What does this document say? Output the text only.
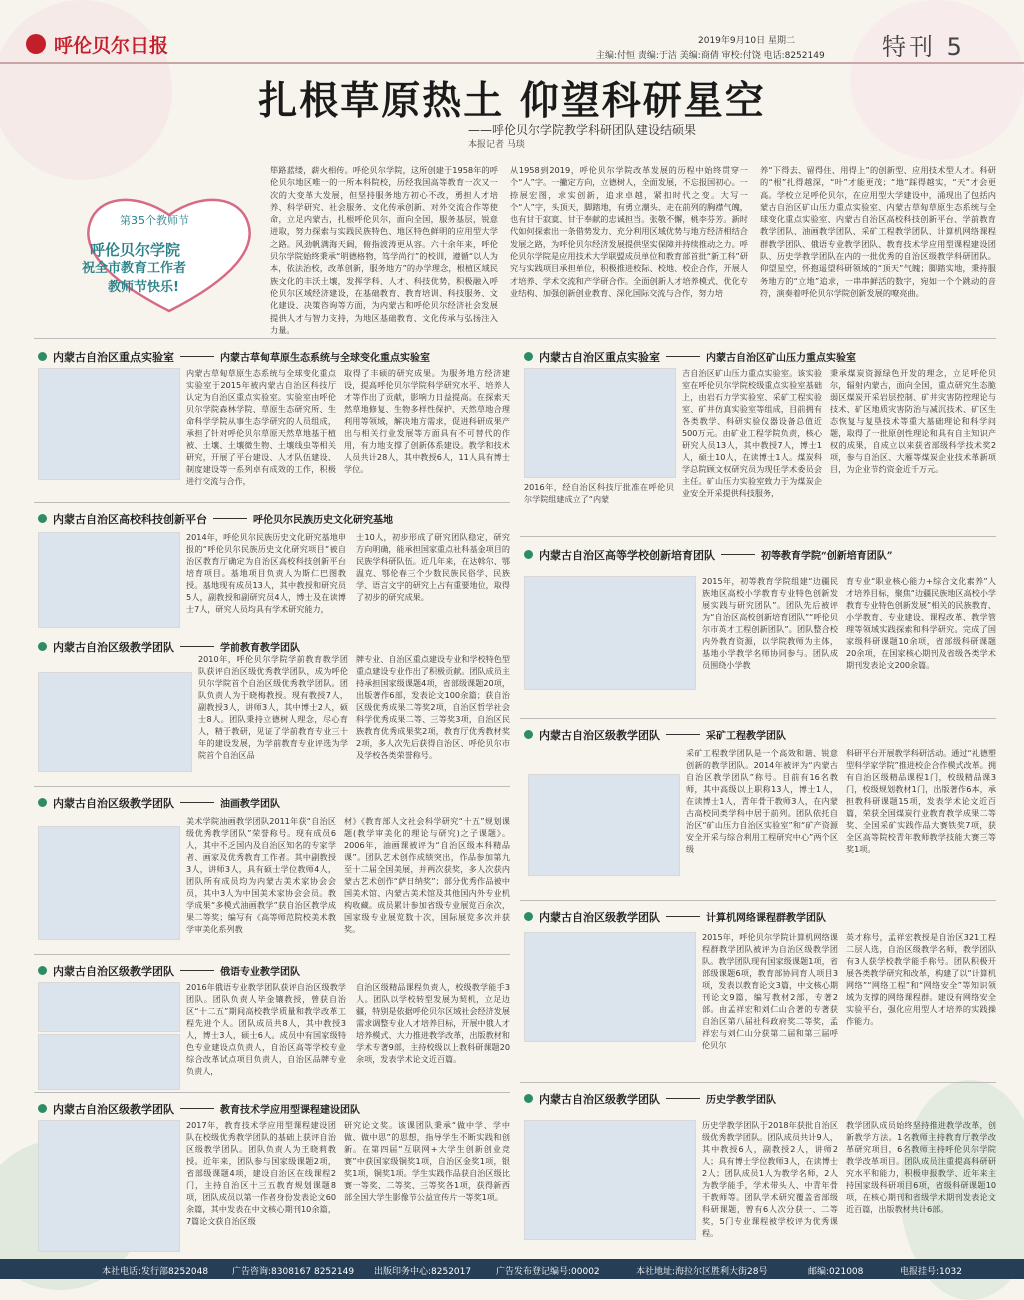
呼伦贝尔日报	2019年9月10日 星期二
主编:付恒 责编:于洁 美编:商倩 审校:付饶 电话:8252149 特刊 5
扎根草原热土 仰望科研星空
——呼伦贝尔学院教学科研团队建设结硕果
本报记者 马琰
第35个教师节
呼伦贝尔学院
祝全市教育工作者
教师节快乐!
筚路蓝缕，薪火相传。呼伦贝尔学院，这所创建于1958年的呼伦贝尔地区唯一的一所本科院校，历经我国高等教育一次又一次的大变革大发展，但坚持服务地方初心不改，勇担人才培养、科学研究、社会服务、文化传承创新、对外交流合作等使命，立足内蒙古，扎根呼伦贝尔，面向全国，服务基层，锐意进取，努力探索与实践民族特色、地区特色鲜明的应用型大学之路。风劲帆满海天阔，俯指波涛更从容。六十余年来，呼伦贝尔学院始终秉承“明德格物，笃学尚行”的校训，遵循“以人为本，依法治校，改革创新，服务地方”的办学理念，根植区域民族文化的丰沃土壤，发挥学科、人才、科技优势，积极融入呼伦贝尔区域经济建设，在基础教育、教育培训、科技服务、文化建设、决策咨询等方面，为内蒙古和呼伦贝尔经济社会发展提供人才与智力支持，为地区基础教育、文化传承与弘扬注入力量。
从1958到2019，呼伦贝尔学院改革发展的历程中始终贯穿一个“人”字。一撇定方向，立德树人，全面发展，不忘报国初心。一捺展宏图，求实创新，追求卓越，紧扣时代之变。大写一个“人”字，头顶天，脚踏地，有勇立潮头、走在前列的胸襟气魄，也有甘于寂寞、甘于奉献的忠诚担当。张敬不懈，桃李芬芳。新时代如何探索出一条借势发力、充分利用区域优势与地方经济相结合发展之路，为呼伦贝尔经济发展提供坚实保障并持续推动之力。呼伦贝尔学院是应用技术大学联盟成员单位和教育部首批“新工科”研究与实践项目承担单位，积极推进校际、校地、校企合作，开展人才培养、学术交流和产学研合作。全面创新人才培养模式、优化专业结构、加强创新创业教育、深化国际交流与合作，努力培
养“下得去、留得住、用得上”的创新型、应用技术型人才。科研的“根”扎得越深，“叶”才能更茂；“地”踩得越实，“天”才会更高。学校立足呼伦贝尔，在应用型大学建设中，涌现出了包括内蒙古自治区矿山压力重点实验室、内蒙古草甸草原生态系统与全球变化重点实验室、内蒙古自治区高校科技创新平台、学前教育教学团队、油画教学团队、采矿工程教学团队、计算机网络课程群教学团队、俄语专业教学团队、教育技术学应用型课程建设团队、历史学教学团队在内的一批优秀的自治区级教学科研团队。仰望星空，怀抱遥望科研领域的“顶天”气魄；脚踏实地，秉持服务地方的“立地”追求，一串串鲜活的数字，宛如一个个跳动的音符，演奏着呼伦贝尔学院创新发展的嘹亮曲。
内蒙古自治区重点实验室	内蒙古草甸草原生态系统与全球变化重点实验室
内蒙古草甸草原生态系统与全球变化重点实验室于2015年被内蒙古自治区科技厅认定为自治区重点实验室。实验室由呼伦贝尔学院森林学院、草原生态研究所、生命科学学院从事生态学研究的人员组成，承担了针对呼伦贝尔草原天然草地基于植被、土壤、土壤微生物、土壤线虫等相关研究，开展了平台建设、人才队伍建设、制度建设等一系列卓有成效的工作，积极进行交流与合作，
取得了丰硕的研究成果。为服务地方经济建设，提高呼伦贝尔学院科学研究水平、培养人才等作出了贡献，影响力日益提高。在探索天然草地修复、生物多样性保护、天然草地合理利用等领域，解决地方需求，促进科研成果产出与相关行业发展等方面具有不可替代的作用，有力地支撑了创新体系建设。教学和技术人员共计28人，其中教授6人，11人具有博士学位。
内蒙古自治区重点实验室	内蒙古自治区矿山压力重点实验室
2016年，经自治区科技厅批准在呼伦贝尔学院组建成立了“内蒙
吉自治区矿山压力重点实验室。该实验室在呼伦贝尔学院校级重点实验室基础上，由岩石力学实验室、采矿工程实验室、矿井仿真实验室等组成，目前拥有各类教学、科研实验仪器设备总值近500万元。由矿业工程学院负责，核心研究人员13人，其中教授7人，博士1人，硕士10人，在读博士1人。煤炭科学总院顾文权研究员为现任学术委员会主任。矿山压力实验室致力于为煤炭企业安全开采提供科技服务，
秉承煤炭资源绿色开发的理念，立足呼伦贝尔，辐射内蒙古，面向全国，重点研究生态脆弱区煤炭开采岩层控制、矿井灾害防控理论与技术、矿区地质灾害防治与减沉技术、矿区生态恢复与复垦技术等重大基础理论和科学问题，取得了一批原创性理论和具有自主知识产权的成果，自成立以来获省部级科学技术奖2项，参与自治区、大雁等煤炭企业技术革新项目，为企业节约资金近千万元。
内蒙古自治区高校科技创新平台	呼伦贝尔民族历史文化研究基地
2014年，呼伦贝尔民族历史文化研究基地申报的“呼伦贝尔民族历史文化研究项目”被自治区教育厅确定为自治区高校科技创新平台培育项目。基地项目负责人为斯仁巴图教授。基地现有成员13人，其中教授和研究员5人，副教授和副研究员4人，博士及在读博士7人，研究人员均具有学术研究能力，
士10人，初步形成了研究团队稳定，研究方向明确，能承担国家重点社科基金项目的民族学科研队伍。近几年来，在达斡尔、鄂温克、鄂伦春三个少数民族民俗学、民族学、语言文字的研究上占有重要地位，取得了初步的研究成果。
内蒙古自治区高等学校创新培育团队	初等教育学院“创新培育团队”
2015年，初等教育学院组建“边疆民族地区高校小学教育专业特色创新发展实践与研究团队”。团队先后被评为“自治区高校创新培育团队”“呼伦贝尔市英才工程创新团队”。团队整合校内外教育资源，以学院教师为主体，基地小学教学名师协同参与。团队成员围绕小学教
育专业“职业核心能力+综合文化素养”人才培养目标，聚焦“边疆民族地区高校小学教育专业特色创新发展”相关的民族教育、小学教育、专业建设、课程改革、教学管理等领域实践探索和科学研究。完成了国家级科研课题10余项，省部级科研课题20余项，在国家核心期刊及省级各类学术期刊发表论文200余篇。
内蒙古自治区级教学团队	学前教育教学团队
2010年，呼伦贝尔学院学前教育教学团队获评自治区级优秀教学团队，成为呼伦贝尔学院首个自治区级优秀教学团队。团队负责人为于晓梅教授。现有教授7人，副教授3人，讲师3人，其中博士2人，硕士8人。团队秉持立德树人理念，尽心育人，精于教研，见证了学前教育专业三十年的建设发展，为学前教育专业评选为学院首个自治区品
牌专业、自治区重点建设专业和学校特色型重点建设专业作出了积极贡献。团队成员主持承担国家级课题4项，省部级课题20项，出版著作6部，发表论文100余篇；获自治区级优秀成果二等奖2项，自治区哲学社会科学优秀成果二等、三等奖3项，自治区民族教育优秀成果奖2项，教育厅优秀教材奖2项，多人次先后获得自治区、呼伦贝尔市及学校各类荣誉称号。
内蒙古自治区级教学团队	采矿工程教学团队
采矿工程教学团队是一个高效和谐、锐意创新的教学团队。2014年被评为“内蒙古自治区教学团队”称号。目前有16名教师，其中高级以上职称13人，博士1人，在读博士1人，青年骨干教师3人，在内蒙古高校同类学科中居于前列。团队依托自治区“矿山压力自治区实验室”和“矿产资源安全开采与综合利用工程研究中心”两个区级
科研平台开展教学科研活动。通过“礼德塑型科学家学院”推进校企合作模式改革。拥有自治区级精品课程1门，校级精品课3门，校级规划教材1门，出版著作6本，承担教科研课题15项，发表学术论文近百篇，荣获全国煤炭行业教育教学成果二等奖、全国采矿实践作品大赛铁奖7项，获全区高等院校青年教师教学技能大赛三等奖1项。
内蒙古自治区级教学团队	油画教学团队
美术学院油画教学团队2011年获“自治区级优秀教学团队”荣誉称号。现有成员6人，其中不乏国内及自治区知名的专家学者、画家及优秀教育工作者。其中副教授3人，讲师3人，具有硕士学位教师4人，团队所有成员均为内蒙古美术家协会会员，其中3人为中国美术家协会会员。教学成果“多模式油画教学”获自治区教学成果二等奖；编写有《高等师范院校美术教学审美化系列教
材》《教育部人文社会科学研究“十五”规划课题(教学审美化的理论与研究)之子课题》。2006年，油画课被评为“自治区级本科精品课”。团队艺术创作成绩突出，作品参加第九至十二届全国美展，并两次获奖，多人次获内蒙古艺术创作“萨日纳奖”；部分优秀作品被中国美术馆、内蒙古美术馆及其他国内外专业机构收藏。成员累计参加省级专业展览百余次，国家级专业展览数十次，国际展览多次并获奖。
内蒙古自治区级教学团队	计算机网络课程群教学团队
2015年，呼伦贝尔学院计算机网络课程群教学团队被评为自治区级教学团队。教学团队现有国家级课题1项，省部级课题6项，教育部协同育人项目3项，发表以教育论文3篇，中文核心期刊论文9篇，编写教材2部，专著2部。由孟祥宏和刘仁山合著的专著获自治区第八届社科政府奖二等奖，孟祥宏与刘仁山分获第二届和第三届呼伦贝尔
英才称号，孟祥宏教授是自治区321工程二层人选，自治区级教学名师，教学团队有3人获学校教学能手称号。团队积极开展各类教学研究和改革，构建了以“计算机网络”“网络工程”和“网络安全”等知识领域为支撑的网络课程群。建设有网络安全实验平台，强化应用型人才培养的实践操作能力。
内蒙古自治区级教学团队	俄语专业教学团队
2016年俄语专业教学团队获评自治区级教学团队。团队负责人毕金镶教授，曾获自治区“十二五”期间高校教学质量和教学改革工程先进个人。团队成员共8人，其中教授3人，博士3人，硕士6人。成员中有国家级特色专业建设点负责人，自治区高等学校专业综合改革试点项目负责人，自治区品牌专业负责人，
自治区级精品课程负责人，校级教学能手3人。团队以学校转型发展为契机，立足边疆，特别是依据呼伦贝尔区域社会经济发展需求调整专业人才培养目标，开展中俄人才培养模式、大力推进教学改革，出版教材和学术专著9部，主持校级以上教科研课题20余项，发表学术论文近百篇。
内蒙古自治区级教学团队	历史学教学团队
历史学教学团队于2018年获批自治区级优秀教学团队。团队成员共计9人，其中教授6人，副教授2人，讲师2人；具有博士学位教师3人，在读博士2人；团队成员1人为教学名师，2人为教学能手，学术带头人、中青年骨干教师等。团队学术研究覆盖省部级科研课题，曾有6人次分获一、二等奖，5门专业课程被学校评为优秀课程。
教学团队成员始终坚持推进教学改革，创新教学方法。1名教师主持教育厅教学改革研究项目，6名教师主持呼伦贝尔学院教学改革项目。团队成员注重提高科研研究水平和能力，积极申报教学、近年来主持国家级科研项目6项，省级科研课题10项，在核心期刊和省级学术期刊发表论文近百篇，出版教材共计6部。
内蒙古自治区级教学团队	教育技术学应用型课程建设团队
2017年，教育技术学应用型课程建设团队在校级优秀教学团队的基础上获评自治区级教学团队。团队负责人为王晓莉教授。近年来，团队参与国家级课题2项，省部级课题4项，建设自治区在线课程2门，主持自治区十三五教育规划课题8项，团队成员以第一作者身份发表论文60余篇，其中发表在中文核心期刊10余篇，7篇论文获自治区级
研究论文奖。该课团队秉承“做中学、学中做、做中思”的思想，指导学生不断实践和创新。在第四届“互联网+大学生创新创业竞赛”中获国家级铜奖1项，自治区金奖1项，银奖1项，铜奖1项。学生实践作品获自治区级比赛一等奖、二等奖、三等奖各1项，获得新西部全国大学生影像节公益宣传片一等奖1项。
本社电话:发行部8252048	广告咨询:8308167 8252149 出版印务中心:8252017	广告发布登记编号:00002	本社地址:海拉尔区胜利大街28号	邮编:021008	电报挂号:1032
